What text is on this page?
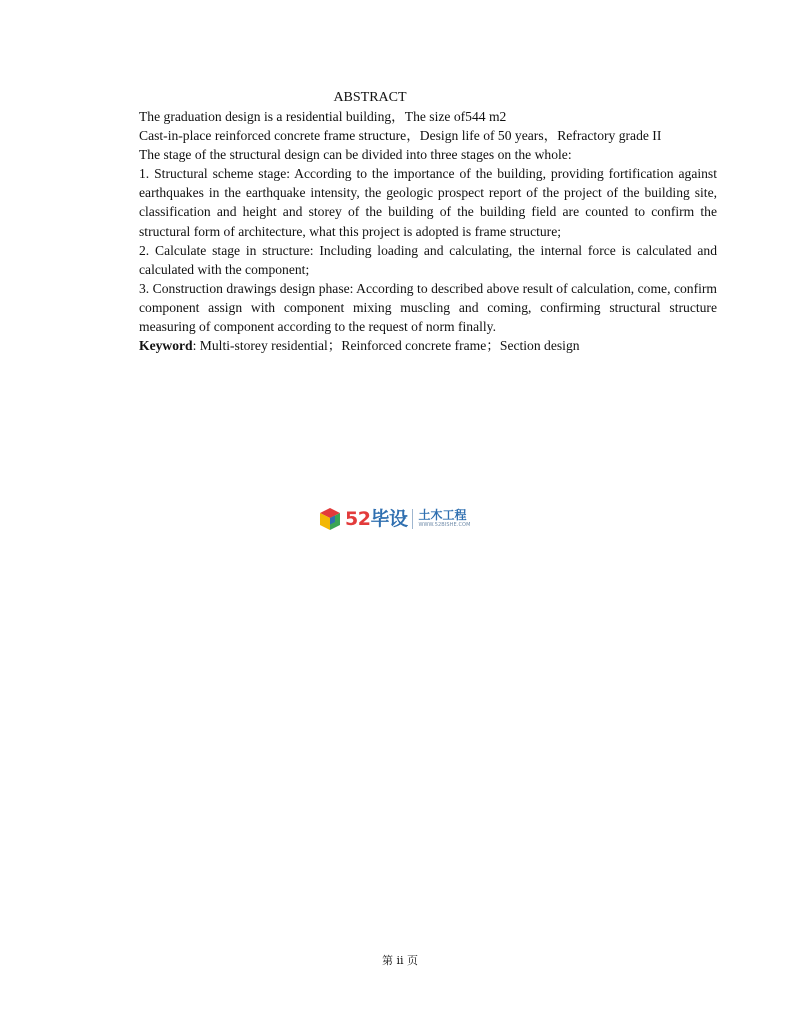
ABSTRACT
The graduation design is a residential building，The size of544 m2
Cast-in-place reinforced concrete frame structure，Design life of 50 years，Refractory grade II
The stage of the structural design can be divided into three stages on the whole:
1. Structural scheme stage: According to the importance of the building, providing fortification against earthquakes in the earthquake intensity, the geologic prospect report of the project of the building site, classification and height and storey of the building of the building field are counted to confirm the structural form of architecture, what this project is adopted is frame structure;
2. Calculate stage in structure: Including loading and calculating, the internal force is calculated and calculated with the component;
3. Construction drawings design phase: According to described above result of calculation, come, confirm component assign with component mixing muscling and coming, confirming structural structure measuring of component according to the request of norm finally.
Keyword: Multi-storey residential；Reinforced concrete frame；Section design
52毕设 土木工程
WWW.52BISHE.COM
第 ii 页
